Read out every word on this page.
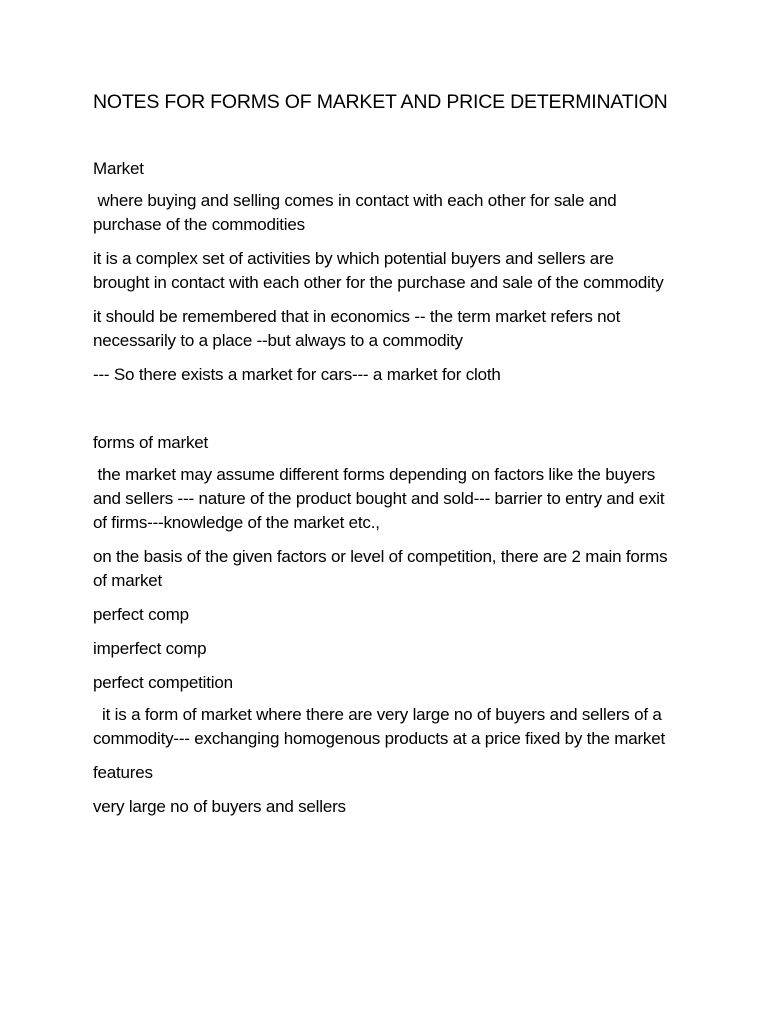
NOTES FOR FORMS OF MARKET AND PRICE DETERMINATION
Market

where buying and selling comes in contact with each other for sale and purchase of the commodities

it is a complex set of activities by which potential buyers and sellers are brought in contact with each other for the purchase and sale of the commodity

it should be remembered that in economics -- the term market refers not necessarily to a place --but always to a commodity

--- So there exists a market for cars--- a market for cloth

forms of market

the market may assume different forms depending on factors like the buyers and sellers --- nature of the product bought and sold--- barrier to entry and exit of firms---knowledge of the market etc.,

on the basis of the given factors or level of competition, there are 2 main forms of market

perfect comp
imperfect comp
perfect competition

it is a form of market where there are very large no of buyers and sellers of a commodity--- exchanging homogenous products at a price fixed by the market

features
very large no of buyers and sellers
